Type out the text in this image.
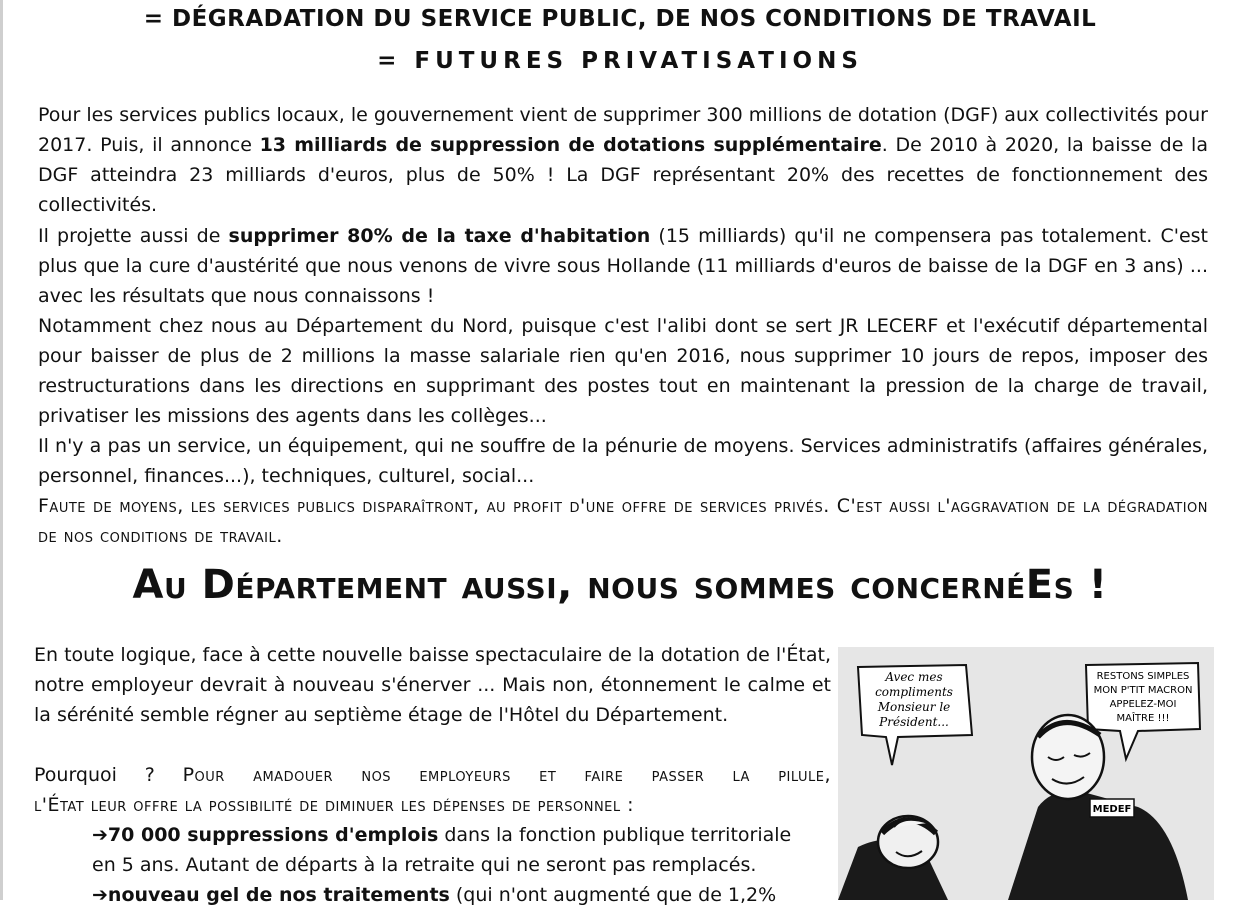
= DÉGRADATION DU SERVICE PUBLIC, DE NOS CONDITIONS DE TRAVAIL
= FUTURES PRIVATISATIONS

Pour les services publics locaux, le gouvernement vient de supprimer 300 millions de dotation (DGF) aux collectivités pour 2017. Puis, il annonce 13 milliards de suppression de dotations supplémentaire. De 2010 à 2020, la baisse de la DGF atteindra 23 milliards d'euros, plus de 50% ! La DGF représentant 20% des recettes de fonctionnement des collectivités.

Il projette aussi de supprimer 80% de la taxe d'habitation (15 milliards) qu'il ne compensera pas totalement. C'est plus que la cure d'austérité que nous venons de vivre sous Hollande (11 milliards d'euros de baisse de la DGF en 3 ans) ... avec les résultats que nous connaissons !

Notamment chez nous au Département du Nord, puisque c'est l'alibi dont se sert JR LECERF et l'exécutif départemental pour baisser de plus de 2 millions la masse salariale rien qu'en 2016, nous supprimer 10 jours de repos, imposer des restructurations dans les directions en supprimant des postes tout en maintenant la pression de la charge de travail, privatiser les missions des agents dans les collèges...

Il n'y a pas un service, un équipement, qui ne souffre de la pénurie de moyens. Services administratifs (affaires générales, personnel, finances...), techniques, culturel, social...

Faute de moyens, les services publics disparaîtront, au profit d'une offre de services privés. C'est aussi l'aggravation de la dégradation de nos conditions de travail.

Au Département aussi, nous sommes concernéEs !

En toute logique, face à cette nouvelle baisse spectaculaire de la dotation de l'État, notre employeur devrait à nouveau s'énerver ... Mais non, étonnement le calme et la sérénité semble régner au septième étage de l'Hôtel du Département.

Pourquoi ? Pour amadouer nos employeurs et faire passer la pilule,
l'État leur offre la possibilité de diminuer les dépenses de personnel :
➔70 000 suppressions d'emplois dans la fonction publique territoriale
en 5 ans. Autant de départs à la retraite qui ne seront pas remplacés.
➔nouveau gel de nos traitements (qui n'ont augmenté que de 1,2%
Avec mes
compliments
Monsieur le
Président...
RESTONS SIMPLES
MON P'TIT MACRON
APPELEZ-MOI
MAÎTRE !!!
MEDEF
